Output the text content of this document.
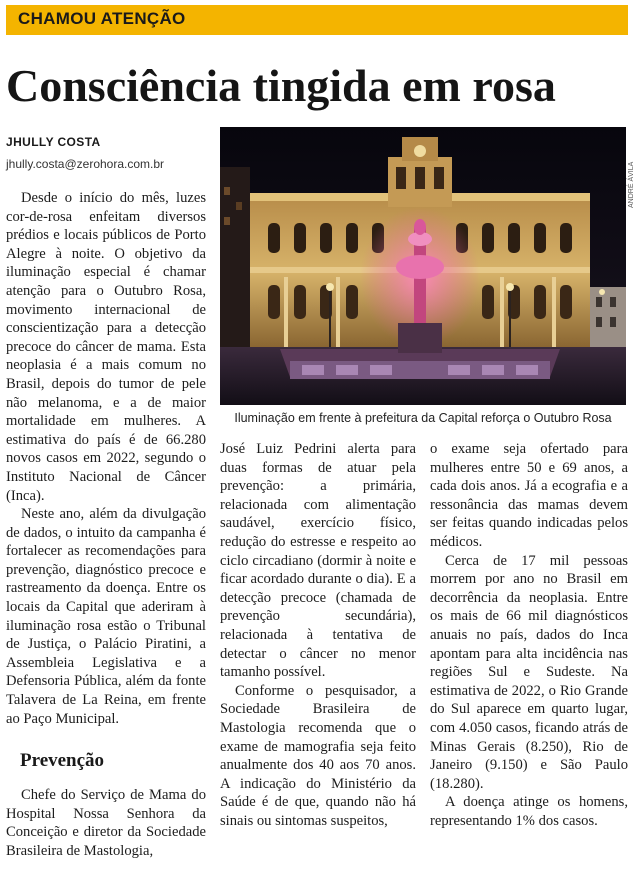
CHAMOU ATENÇÃO
Consciência tingida em rosa
JHULLY COSTA
jhully.costa@zerohora.com.br	ANDRÉ ÁVILA
Iluminação em frente à prefeitura da Capital reforça o Outubro Rosa

Desde o início do mês, luzes cor-de-rosa enfeitam diversos prédios e locais públicos de Porto Alegre à noite. O objetivo da iluminação especial é chamar atenção para o Outubro Rosa, movimento internacional de conscientização para a detecção precoce do câncer de mama. Esta neoplasia é a mais comum no Brasil, depois do tumor de pele não melanoma, e a de maior mortalidade em mulheres. A estimativa do país é de 66.280 novos casos em 2022, segundo o Instituto Nacional de Câncer (Inca).

Neste ano, além da divulgação de dados, o intuito da campanha é fortalecer as recomendações para prevenção, diagnóstico precoce e rastreamento da doença. Entre os locais da Capital que aderiram à iluminação rosa estão o Tribunal de Justiça, o Palácio Piratini, a Assembleia Legislativa e a Defensoria Pública, além da fonte Talavera de La Reina, em frente ao Paço Municipal.

Prevenção

Chefe do Serviço de Mama do Hospital Nossa Senhora da Conceição e diretor da Sociedade Brasileira de Mastologia,

José Luiz Pedrini alerta para duas formas de atuar pela prevenção: a primária, relacionada com alimentação saudável, exercício físico, redução do estresse e respeito ao ciclo circadiano (dormir à noite e ficar acordado durante o dia). E a detecção precoce (chamada de prevenção secundária), relacionada à tentativa de detectar o câncer no menor tamanho possível.

Conforme o pesquisador, a Sociedade Brasileira de Mastologia recomenda que o exame de mamografia seja feito anualmente dos 40 aos 70 anos. A indicação do Ministério da Saúde é de que, quando não há sinais ou sintomas suspeitos,

o exame seja ofertado para mulheres entre 50 e 69 anos, a cada dois anos. Já a ecografia e a ressonância das mamas devem ser feitas quando indicadas pelos médicos.

Cerca de 17 mil pessoas morrem por ano no Brasil em decorrência da neoplasia. Entre os mais de 66 mil diagnósticos anuais no país, dados do Inca apontam para alta incidência nas regiões Sul e Sudeste. Na estimativa de 2022, o Rio Grande do Sul aparece em quarto lugar, com 4.050 casos, ficando atrás de Minas Gerais (8.250), Rio de Janeiro (9.150) e São Paulo (18.280).

A doença atinge os homens, representando 1% dos casos.
